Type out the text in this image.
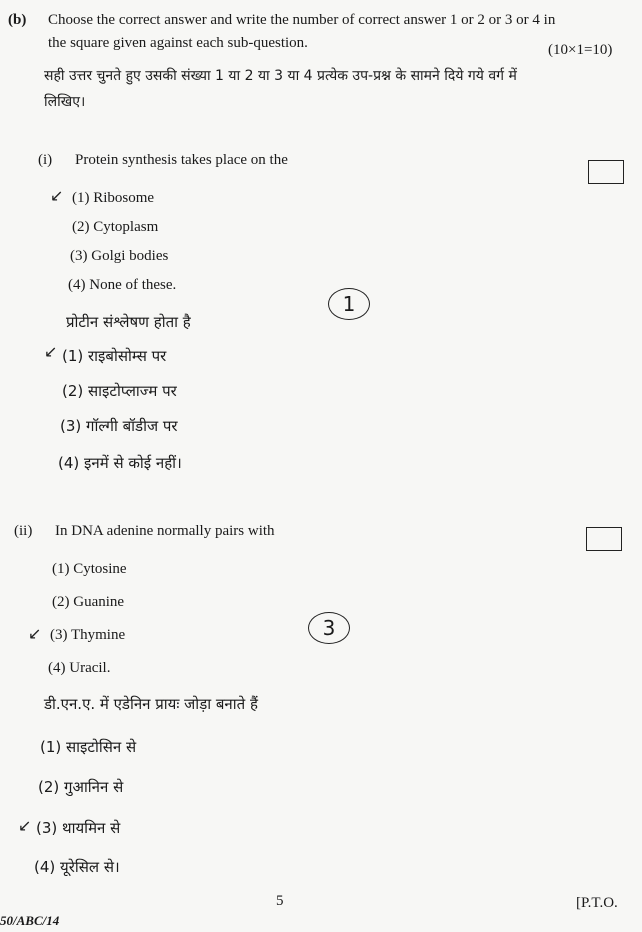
(b) Choose the correct answer and write the number of correct answer 1 or 2 or 3 or 4 in
the square given against each sub-question.	(10×1=10)
सही उत्तर चुनते हुए उसकी संख्या 1 या 2 या 3 या 4 प्रत्येक उप-प्रश्न के सामने दिये गये वर्ग में
लिखिए।
(i) Protein synthesis takes place on the
↙ (1) Ribosome
(2) Cytoplasm
(3) Golgi bodies
(4) None of these.
1
प्रोटीन संश्लेषण होता है
↙ (1) राइबोसोम्स पर
(2) साइटोप्लाज्म पर
(3) गॉल्गी बॉडीज पर
(4) इनमें से कोई नहीं।
(ii) In DNA adenine normally pairs with
(1) Cytosine
(2) Guanine
↙ (3) Thymine
(4) Uracil.
3
डी.एन.ए. में एडेनिन प्रायः जोड़ा बनाते हैं
(1) साइटोसिन से
(2) गुआनिन से
↙ (3) थायमिन से
(4) यूरेसिल से।
5	[P.T.O.
50/ABC/14
